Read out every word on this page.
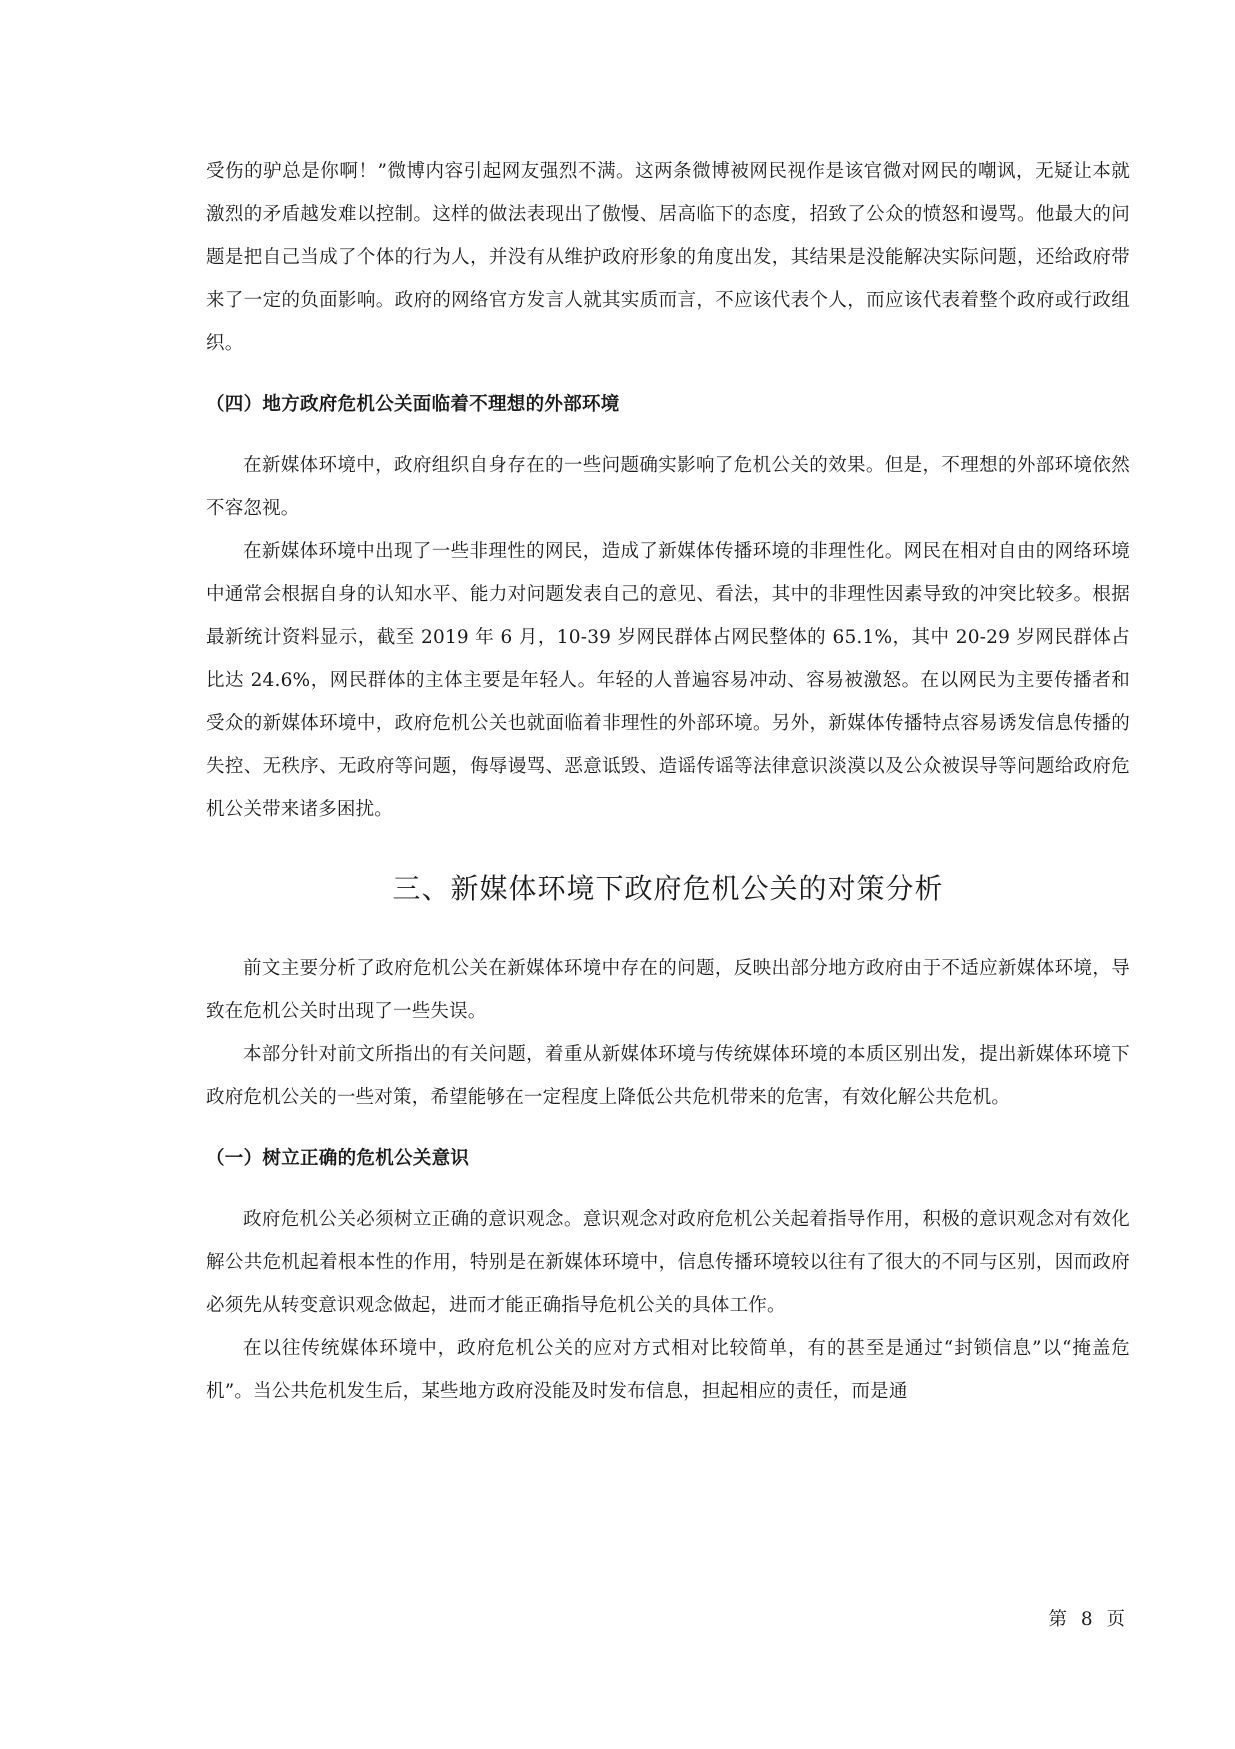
受伤的驴总是你啊！”微博内容引起网友强烈不满。这两条微博被网民视作是该官微对网民的嘲讽，无疑让本就激烈的矛盾越发难以控制。这样的做法表现出了傲慢、居高临下的态度，招致了公众的愤怒和谩骂。他最大的问题是把自己当成了个体的行为人，并没有从维护政府形象的角度出发，其结果是没能解决实际问题，还给政府带来了一定的负面影响。政府的网络官方发言人就其实质而言，不应该代表个人，而应该代表着整个政府或行政组织。

（四）地方政府危机公关面临着不理想的外部环境

在新媒体环境中，政府组织自身存在的一些问题确实影响了危机公关的效果。但是，不理想的外部环境依然不容忽视。

在新媒体环境中出现了一些非理性的网民，造成了新媒体传播环境的非理性化。网民在相对自由的网络环境中通常会根据自身的认知水平、能力对问题发表自己的意见、看法，其中的非理性因素导致的冲突比较多。根据最新统计资料显示，截至 2019 年 6 月，10-39 岁网民群体占网民整体的 65.1%，其中 20-29 岁网民群体占比达 24.6%，网民群体的主体主要是年轻人。年轻的人普遍容易冲动、容易被激怒。在以网民为主要传播者和受众的新媒体环境中，政府危机公关也就面临着非理性的外部环境。另外，新媒体传播特点容易诱发信息传播的失控、无秩序、无政府等问题，侮辱谩骂、恶意诋毁、造谣传谣等法律意识淡漠以及公众被误导等问题给政府危机公关带来诸多困扰。

三、新媒体环境下政府危机公关的对策分析

前文主要分析了政府危机公关在新媒体环境中存在的问题，反映出部分地方政府由于不适应新媒体环境，导致在危机公关时出现了一些失误。

本部分针对前文所指出的有关问题，着重从新媒体环境与传统媒体环境的本质区别出发，提出新媒体环境下政府危机公关的一些对策，希望能够在一定程度上降低公共危机带来的危害，有效化解公共危机。

（一）树立正确的危机公关意识

政府危机公关必须树立正确的意识观念。意识观念对政府危机公关起着指导作用，积极的意识观念对有效化解公共危机起着根本性的作用，特别是在新媒体环境中，信息传播环境较以往有了很大的不同与区别，因而政府必须先从转变意识观念做起，进而才能正确指导危机公关的具体工作。

在以往传统媒体环境中，政府危机公关的应对方式相对比较简单，有的甚至是通过“封锁信息”以“掩盖危机”。当公共危机发生后，某些地方政府没能及时发布信息，担起相应的责任，而是通

第 8 页
